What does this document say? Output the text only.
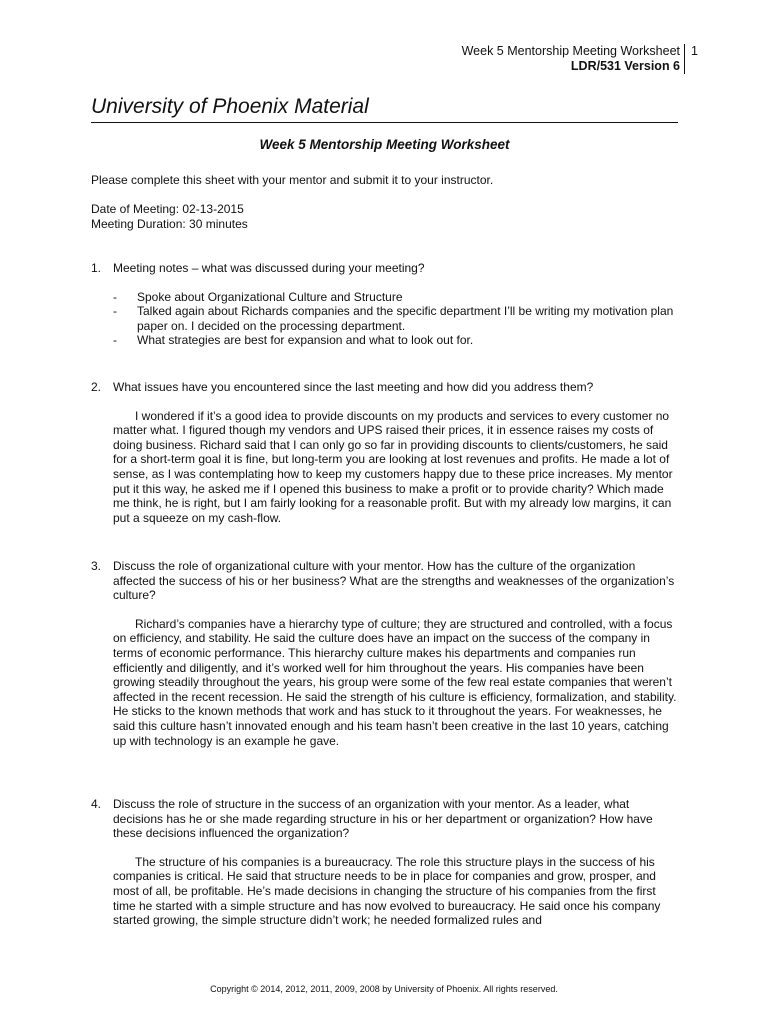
Week 5 Mentorship Meeting Worksheet
LDR/531 Version 6
1
University of Phoenix Material
Week 5 Mentorship Meeting Worksheet
Please complete this sheet with your mentor and submit it to your instructor.
Date of Meeting: 02-13-2015
Meeting Duration: 30 minutes
1. Meeting notes – what was discussed during your meeting?
- Spoke about Organizational Culture and Structure
- Talked again about Richards companies and the specific department I’ll be writing my motivation plan paper on. I decided on the processing department.
- What strategies are best for expansion and what to look out for.
2. What issues have you encountered since the last meeting and how did you address them?
I wondered if it’s a good idea to provide discounts on my products and services to every customer no matter what. I figured though my vendors and UPS raised their prices, it in essence raises my costs of doing business. Richard said that I can only go so far in providing discounts to clients/customers, he said for a short-term goal it is fine, but long-term you are looking at lost revenues and profits. He made a lot of sense, as I was contemplating how to keep my customers happy due to these price increases. My mentor put it this way, he asked me if I opened this business to make a profit or to provide charity? Which made me think, he is right, but I am fairly looking for a reasonable profit. But with my already low margins, it can put a squeeze on my cash-flow.
3. Discuss the role of organizational culture with your mentor. How has the culture of the organization affected the success of his or her business? What are the strengths and weaknesses of the organization’s culture?
Richard’s companies have a hierarchy type of culture; they are structured and controlled, with a focus on efficiency, and stability. He said the culture does have an impact on the success of the company in terms of economic performance. This hierarchy culture makes his departments and companies run efficiently and diligently, and it’s worked well for him throughout the years. His companies have been growing steadily throughout the years, his group were some of the few real estate companies that weren’t affected in the recent recession. He said the strength of his culture is efficiency, formalization, and stability. He sticks to the known methods that work and has stuck to it throughout the years. For weaknesses, he said this culture hasn’t innovated enough and his team hasn’t been creative in the last 10 years, catching up with technology is an example he gave.
4. Discuss the role of structure in the success of an organization with your mentor. As a leader, what decisions has he or she made regarding structure in his or her department or organization? How have these decisions influenced the organization?
The structure of his companies is a bureaucracy. The role this structure plays in the success of his companies is critical. He said that structure needs to be in place for companies and grow, prosper, and most of all, be profitable. He’s made decisions in changing the structure of his companies from the first time he started with a simple structure and has now evolved to bureaucracy. He said once his company started growing, the simple structure didn’t work; he needed formalized rules and
Copyright © 2014, 2012, 2011, 2009, 2008 by University of Phoenix. All rights reserved.
